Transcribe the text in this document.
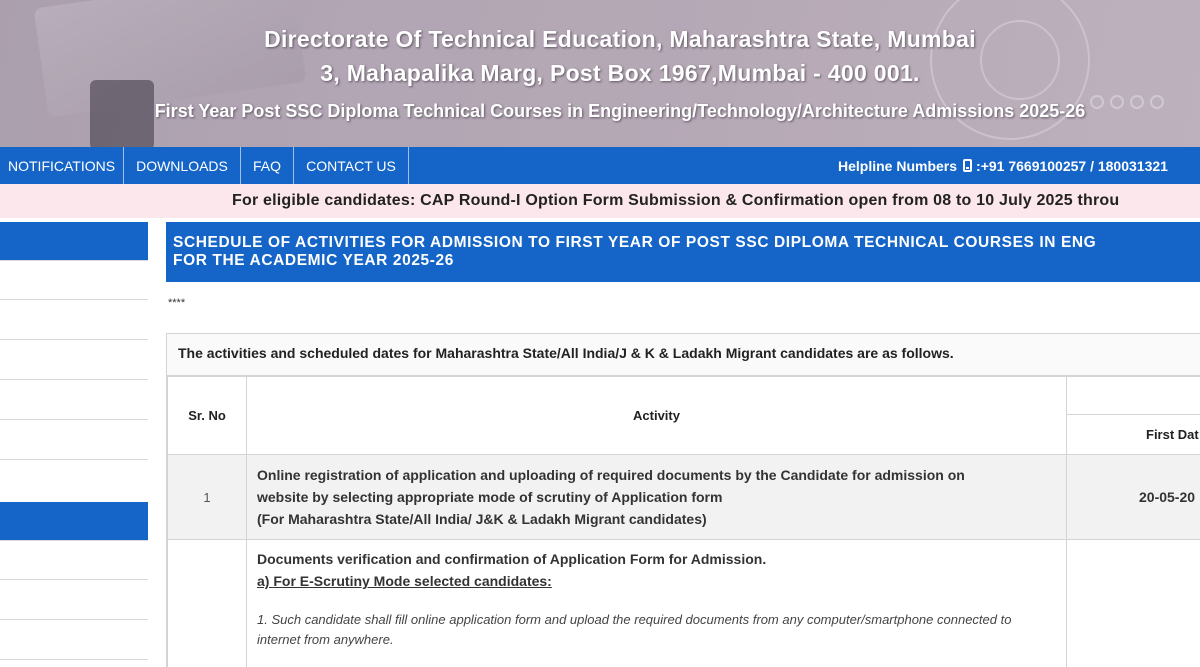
Directorate Of Technical Education, Maharashtra State, Mumbai
3, Mahapalika Marg, Post Box 1967,Mumbai - 400 001.
First Year Post SSC Diploma Technical Courses in Engineering/Technology/Architecture Admissions 2025-26
NOTIFICATIONS	DOWNLOADS	FAQ	CONTACT US	Helpline Numbers :+91 7669100257 / 180031321
For eligible candidates: CAP Round-I Option Form Submission & Confirmation open from 08 to 10 July 2025 throu
SCHEDULE OF ACTIVITIES FOR ADMISSION TO FIRST YEAR OF POST SSC DIPLOMA TECHNICAL COURSES IN ENG
FOR THE ACADEMIC YEAR 2025-26
****
The activities and scheduled dates for Maharashtra State/All India/J & K & Ladakh Migrant candidates are as follows.
Sr. No	Activity	
		First Dat
1	Online registration of application and uploading of required documents by the Candidate for admission on
website by selecting appropriate mode of scrutiny of Application form
(For Maharashtra State/All India/ J&K & Ladakh Migrant candidates)	20-05-20

	Documents verification and confirmation of Application Form for Admission.
a) For E-Scrutiny Mode selected candidates:
1. Such candidate shall fill online application form and upload the required documents from any computer/smartphone connected to internet from anywhere.	
